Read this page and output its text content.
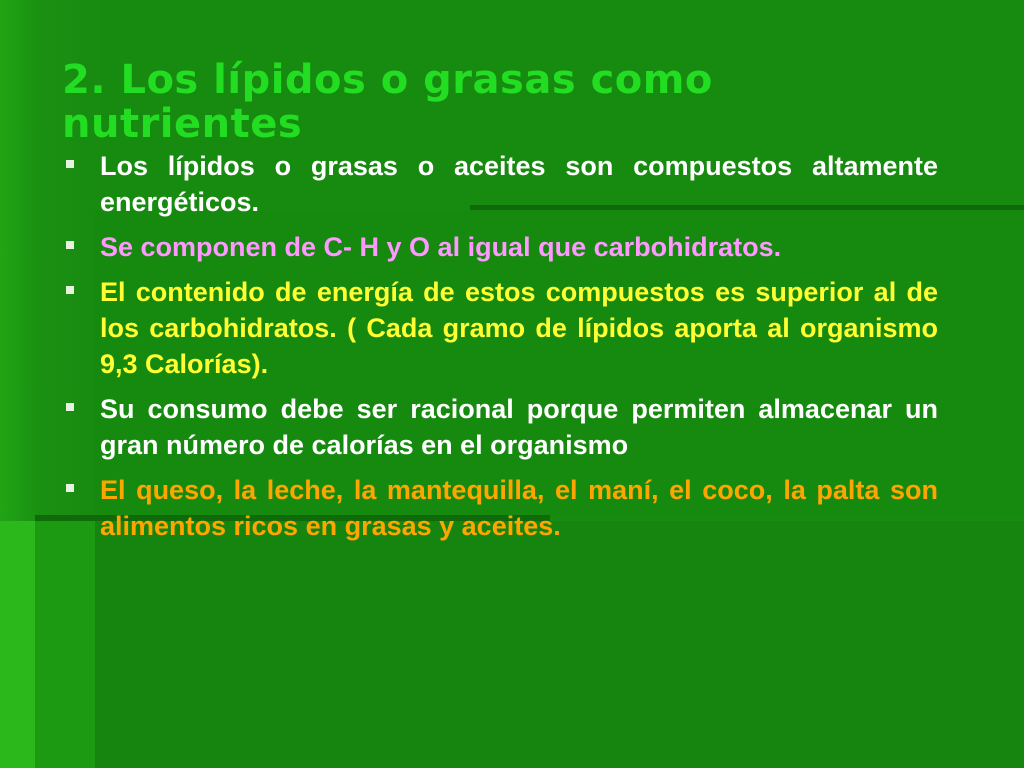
2. Los lípidos o grasas como nutrientes
Los lípidos o grasas o aceites son compuestos altamente energéticos.
Se componen de C- H y O al igual que carbohidratos.
El contenido de energía de estos compuestos es superior al de los carbohidratos. ( Cada gramo de lípidos aporta al organismo 9,3 Calorías).
Su consumo debe ser racional porque permiten almacenar un gran número de calorías en el organismo
El queso, la leche, la mantequilla, el maní, el coco, la palta son alimentos ricos en grasas y aceites.
